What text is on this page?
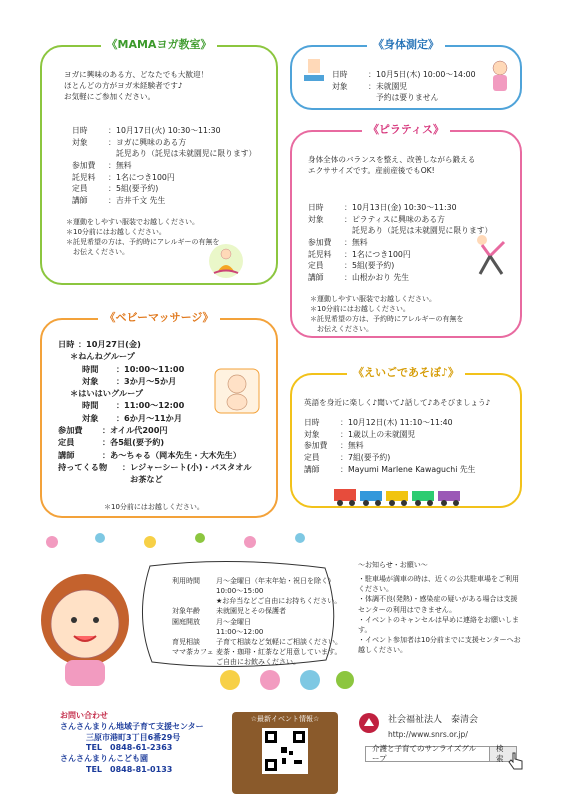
《MAMAヨガ教室》
ヨガに興味のある方、どなたでも大歓迎！
ほとんどの方がヨガ未経験者です♪
お気軽にご参加ください。
日時	： 10月17日(火) 10:30～11:30
対象	： ヨガに興味のある方
託児あり（託児は未就園児に限ります）
参加費	： 無料
託児料	： 1名につき100円
定員	： 5組(要予約)
講師	： 吉井千文 先生
＊運動をしやすい服装でお越しください。
＊10分前にはお越しください。
＊託児希望の方は、予約時にアレルギーの有無を
　お伝えください。
《身体測定》
日時	： 10月5日(木) 10:00～14:00
対象	： 未就園児
予約は要りません
《ピラティス》
身体全体のバランスを整え、改善しながら鍛える
エクササイズです。産前産後でもOK!
日時	： 10月13日(金) 10:30～11:30
対象	： ピラティスに興味のある方
託児あり（託児は未就園児に限ります）
参加費	： 無料
託児料	： 1名につき100円
定員	： 5組(要予約)
講師	： 山根かおり 先生
＊運動しやすい服装でお越しください。
＊10分前にはお越しください。
＊託児希望の方は、予約時にアレルギーの有無を
　お伝えください。
《ベビーマッサージ》
日時 ： 10月27日(金)
＊ねんねグループ
時間	： 10:00～11:00
対象	： 3か月～5か月
＊はいはいグループ
時間	： 11:00～12:00
対象	： 6か月～11か月
参加費	： オイル代200円
定員	： 各5組(要予約)
講師	： あ～ちゃる（岡本先生・大木先生）
持ってくる物	： レジャーシート(小)・バスタオル
お茶など
＊10分前にはお越しください。
《えいごであそぼ♪》
英語を身近に楽しく♪聞いて♪話して♪あそびましょう♪
日時	： 10月12日(木) 11:10～11:40
対象	： 1歳以上の未就園児
参加費	： 無料
定員	： 7組(要予約)
講師	： Mayumi Marlene Kawaguchi 先生
利用時間	月～金曜日（年末年始・祝日を除く）
10:00～15:00
★お弁当などご自由にお持ちください。
対象年齢	未就園児とその保護者
園庭開放	月～金曜日
11:00～12:00
育児相談	子育て相談など気軽にご相談ください。
ママ茶カフェ 麦茶・珈琲・紅茶など用意しています。
ご自由にお飲みください。
～お知らせ・お願い～
・駐車場が満車の時は、近くの公共駐車場をご利用ください。
・体調不良(発熱)・感染症の疑いがある場合は支援センターの利用はできません。
・イベントのキャンセルは早めに連絡をお願いします。
・イベント参加者は10分前までに支援センターへお越しください。
お問い合わせ
さんさんまりん地域子育て支援センター
三原市港町3丁目6番29号
TEL　0848-61-2363
さんさんまりんこども園
TEL　0848-81-0133
☆最新イベント情報☆	社会福祉法人　泰清会
http://www.snrs.or.jp/
介護と子育てのサンライズグループ
検索
